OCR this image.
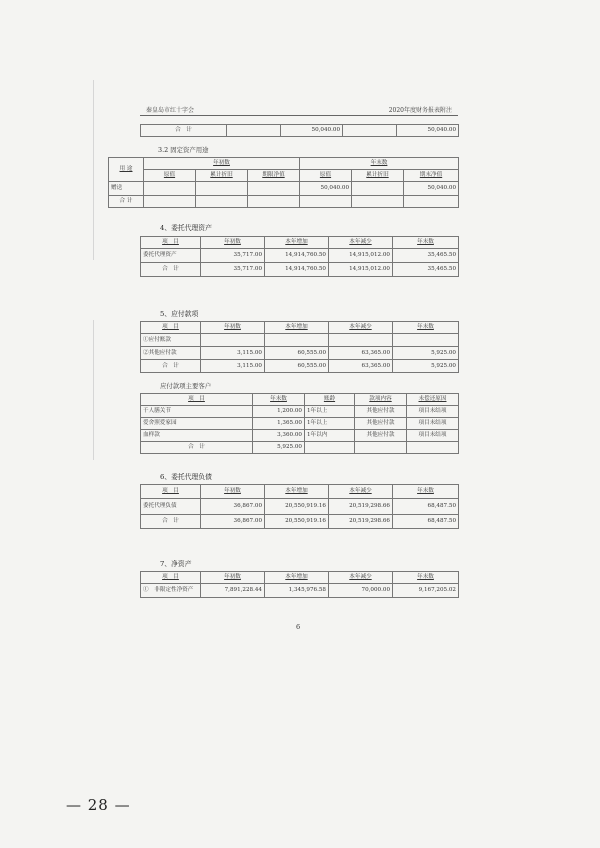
秦皇岛市红十字会	2020年度财务报表附注
合　计		50,040.00		50,040.00
3.2 固定资产用途
用 途	年初数			年末数		
	原值	累计折旧	期限净值	原值	累计折旧	期末净值
赠送				50,040.00		50,040.00
合 计						
4、委托代理资产
项　目	年初数	本年增加	本年减少	年末数
委托代理资产	35,717.00	14,914,760.50	14,915,012.00	35,465.50
合　计	35,717.00	14,914,760.50	14,915,012.00	35,465.50
5、应付款项
项　目	年初数	本年增加	本年减少	年末数
①应付账款				
②其他应付款	3,115.00	60,555.00	63,365.00	5,925.00
合　计	3,115.00	60,555.00	63,365.00	5,925.00
应付款项主要客户
项　目	年末数	账龄	款项内容	未偿还原因
千人膳关节	1,200.00	1年以上	其他应付款	项目未结项
爱舍照爱家园	1,365.00	1年以上	其他应付款	项目未结项
血样款	3,360.00	1年以内	其他应付款	项目未结项
合　计	5,925.00			
6、委托代理负债
项　目	年初数	本年增加	本年减少	年末数
委托代理负债	36,867.00	20,550,919.16	20,519,298.66	68,487.50
合　计	36,867.00	20,550,919.16	20,519,298.66	68,487.50
7、净资产
项　目	年初数	本年增加	本年减少	年末数
①　非限定性净资产	7,891,228.44	1,345,976.58	70,000.00	9,167,205.02
6
— 28 —
